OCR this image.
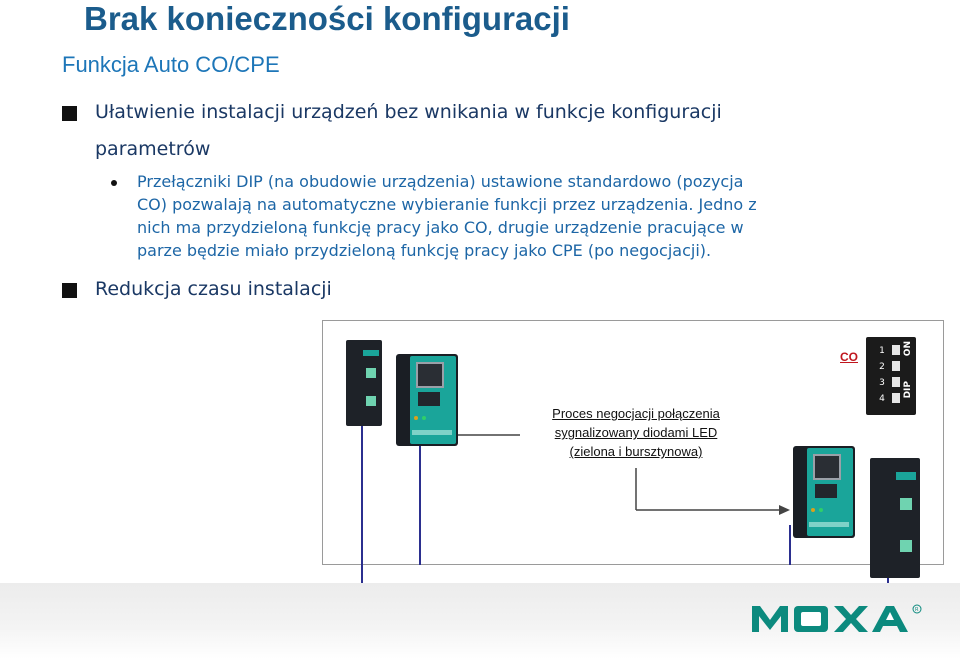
Brak konieczności konfiguracji
Funkcja Auto CO/CPE
Ułatwienie instalacji urządzeń bez wnikania w funkcje konfiguracji
parametrów
Przełączniki DIP (na obudowie urządzenia) ustawione standardowo (pozycja
CO) pozwalają na automatyczne wybieranie funkcji przez urządzenia. Jedno z
nich ma przydzieloną funkcję pracy jako CO, drugie urządzenie pracujące w
parze będzie miało przydzieloną funkcję pracy jako CPE (po negocjacji).
Redukcja czasu instalacji
CO	1
2
3
4
ON
DIP
Proces negocjacji połączenia
sygnalizowany diodami LED
(zielona i bursztynowa)
R
